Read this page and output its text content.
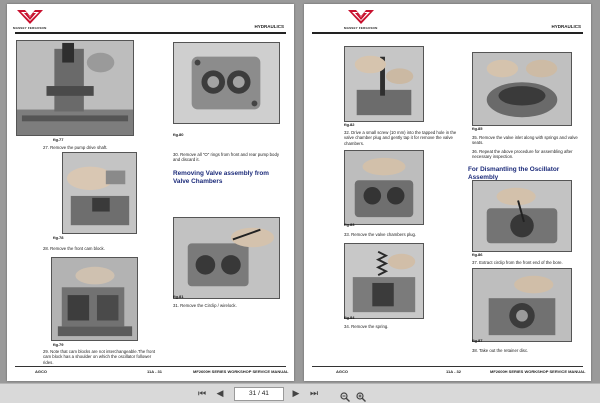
MASSEY FERGUSON	HYDRAULICS
fig.77
27. Remove the pump drive shaft.
fig.78
28. Remove the front cam block.
fig.79
29. Note that cam blocks are not interchangeable.The front cam block has a shoulder on which the oscillator follower rides.
fig.80
30. Remove all "O" rings from front and rear pump body and discard it.
Removing Valve assembly from Valve Chambers
fig.81
31. Remove the Circlip / wirelock.
AGCO	11A - 31	MF2600H SERIES WORKSHOP SERVICE MANUAL
MASSEY FERGUSON	HYDRAULICS
fig.82
32. Drive a small screw (10 mm) into the tapped hole in the valve chamber plug and gently tap it for remove the valve chambers.
fig.83
33. Remove the valve chambers plug.
fig.84
34. Remove the spring.
fig.85
35. Remove the valve inlet along with springs and valve seats.
36. Repeat the above procedure for assembling after necessary inspection.
For Dismantling the Oscillator Assembly
fig.86
37. Extract circlip from the front end of the bore.
fig.87
38. Take out the retainer disc.
AGCO	11A - 32	MF2600H SERIES WORKSHOP SERVICE MANUAL
⏮ ◀	31 / 41	▶ ⏭
